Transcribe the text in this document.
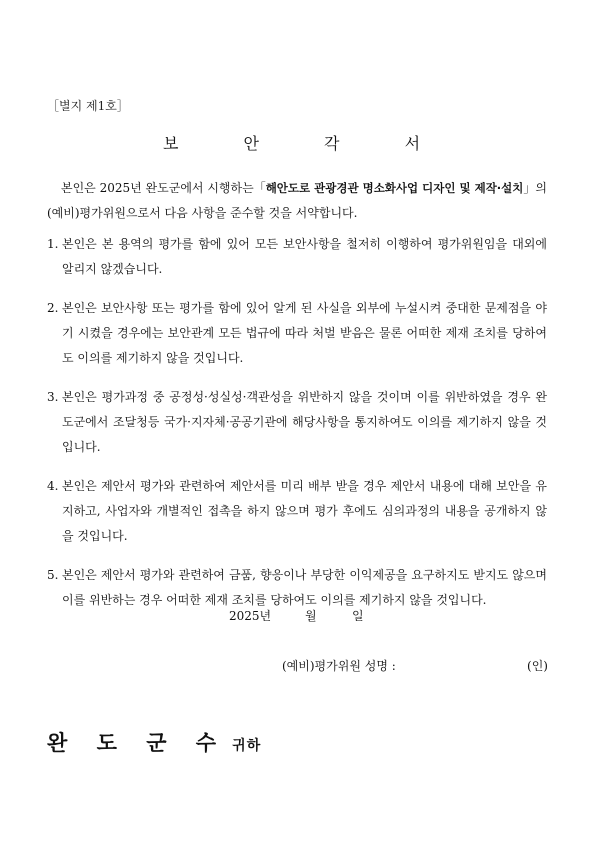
［별지 제1호］
보 안 각 서
본인은 2025년 완도군에서 시행하는「해안도로 관광경관 명소화사업 디자인 및 제작·설치」의 (예비)평가위원으로서 다음 사항을 준수할 것을 서약합니다.
1. 본인은 본 용역의 평가를 함에 있어 모든 보안사항을 철저히 이행하여 평가위원임을 대외에 알리지 않겠습니다.
2. 본인은 보안사항 또는 평가를 함에 있어 알게 된 사실을 외부에 누설시켜 중대한 문제점을 야기 시켰을 경우에는 보안관계 모든 법규에 따라 처벌 받음은 물론 어떠한 제재 조치를 당하여도 이의를 제기하지 않을 것입니다.
3. 본인은 평가과정 중 공정성·성실성·객관성을 위반하지 않을 것이며 이를 위반하였을 경우 완도군에서 조달청등 국가·지자체·공공기관에 해당사항을 통지하여도 이의를 제기하지 않을 것입니다.
4. 본인은 제안서 평가와 관련하여 제안서를 미리 배부 받을 경우 제안서 내용에 대해 보안을 유지하고, 사업자와 개별적인 접촉을 하지 않으며 평가 후에도 심의과정의 내용을 공개하지 않을 것입니다.
5. 본인은 제안서 평가와 관련하여 금품, 향응이나 부당한 이익제공을 요구하지도 받지도 않으며 이를 위반하는 경우 어떠한 제재 조치를 당하여도 이의를 제기하지 않을 것입니다.
2025년	월	일
(예비)평가위원 성명 :	(인)
완 도 군 수 귀하
